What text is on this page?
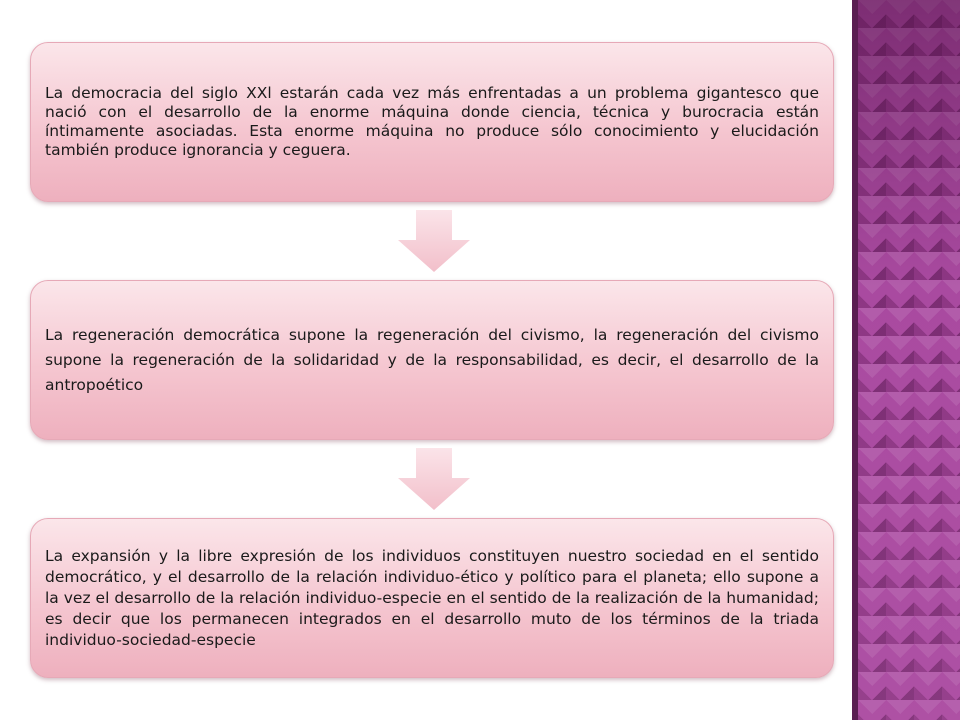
La democracia del siglo XXl estarán cada vez más enfrentadas a un problema gigantesco que nació con el desarrollo de la enorme máquina donde ciencia, técnica y burocracia están íntimamente asociadas. Esta enorme máquina no produce sólo conocimiento y elucidación también produce ignorancia y ceguera.

La regeneración democrática supone la regeneración del civismo, la regeneración del civismo supone la regeneración de la solidaridad y de la responsabilidad, es decir, el desarrollo de la antropoético

La expansión y la libre expresión de los individuos constituyen nuestro sociedad en el sentido democrático, y el desarrollo de la relación individuo-ético y político para el planeta; ello supone a la vez el desarrollo de la relación individuo-especie en el sentido de la realización de la humanidad; es decir que los permanecen integrados en el desarrollo muto de los términos de la triada individuo-sociedad-especie
